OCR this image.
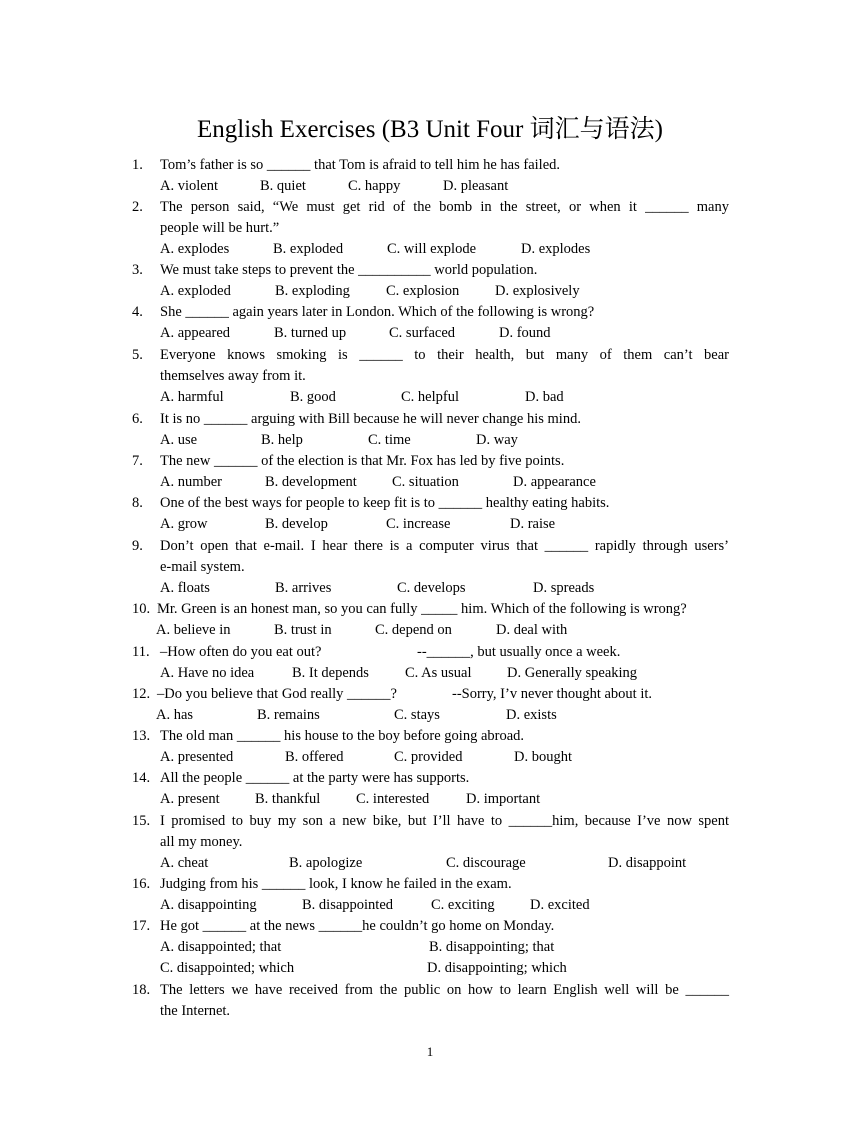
English Exercises (B3 Unit Four 词汇与语法)
1. Tom’s father is so ______ that Tom is afraid to tell him he has failed.
A. violent	B. quiet	C. happy	D. pleasant
2. The person said, “We must get rid of the bomb in the street, or when it ______ many
people will be hurt.”
A. explodes	B. exploded	C. will explode	D. explodes
3. We must take steps to prevent the __________ world population.
A. exploded	B. exploding C. explosion D. explosively
4. She ______ again years later in London. Which of the following is wrong?
A. appeared	B. turned up	C. surfaced	D. found
5. Everyone knows smoking is ______ to their health, but many of them can’t bear
themselves away from it.
A. harmful	B. good	C. helpful	D. bad
6. It is no ______ arguing with Bill because he will never change his mind.
A. use	B. help	C. time	D. way
7. The new ______ of the election is that Mr. Fox has led by five points.
A. number	B. development C. situation	D. appearance
8. One of the best ways for people to keep fit is to ______ healthy eating habits.
A. grow	B. develop	C. increase	D. raise
9. Don’t open that e-mail. I hear there is a computer virus that ______ rapidly through users’
e-mail system.
A. floats	B. arrives	C. develops	D. spreads
10. Mr. Green is an honest man, so you can fully _____ him. Which of the following is wrong?
A. believe in	B. trust in	C. depend on	D. deal with
11. –How often do you eat out?	--______, but usually once a week.
A. Have no idea	B. It depends C. As usual D. Generally speaking
12. –Do you believe that God really ______?	--Sorry, I’v never thought about it.
A. has	B. remains	C. stays	D. exists
13. The old man ______ his house to the boy before going abroad.
A. presented	B. offered	C. provided	D. bought
14. All the people ______ at the party were has supports.
A. present B. thankful C. interested	D. important
15. I promised to buy my son a new bike, but I’ll have to ______him, because I’ve now spent
all my money.
A. cheat	B. apologize	C. discourage	D. disappoint
16. Judging from his ______ look, I know he failed in the exam.
A. disappointing	B. disappointed	C. exciting D. excited
17. He got ______ at the news ______he couldn’t go home on Monday.
A. disappointed; that	B. disappointing; that
C. disappointed; which	D. disappointing; which
18. The letters we have received from the public on how to learn English well will be ______
the Internet.
1
